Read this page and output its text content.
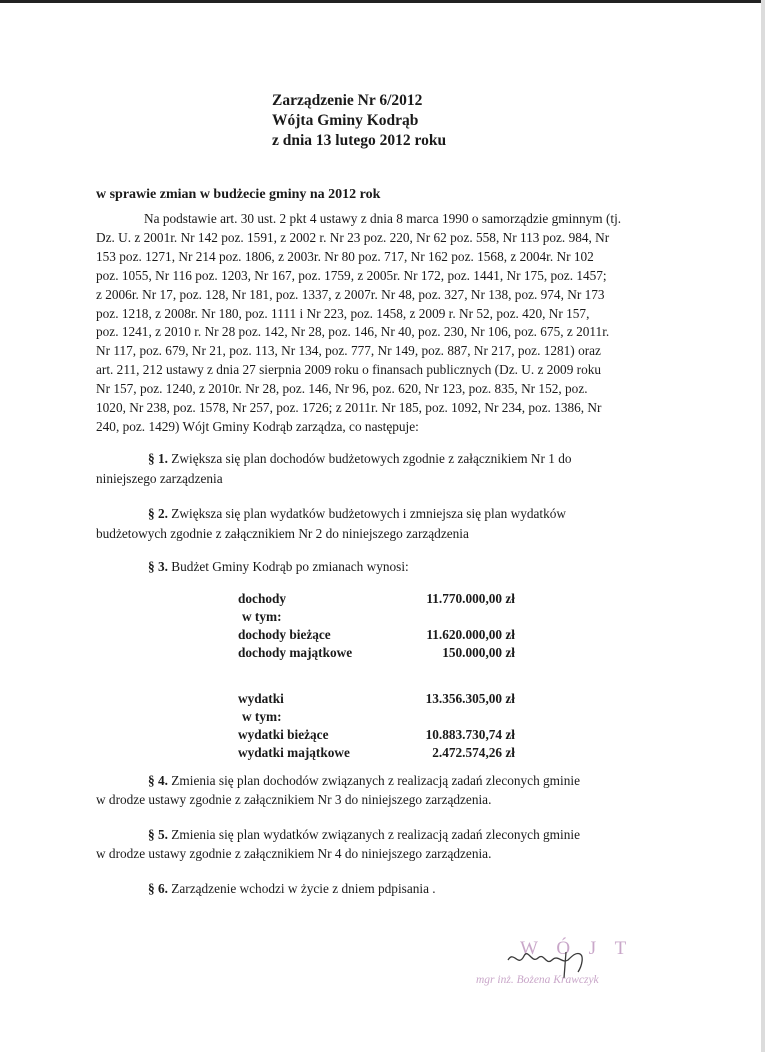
Zarządzenie Nr 6/2012
Wójta Gminy Kodrąb
z dnia 13 lutego 2012 roku
w sprawie zmian w budżecie gminy na 2012 rok
Na podstawie art. 30 ust. 2 pkt 4 ustawy z dnia 8 marca 1990 o samorządzie gminnym (tj.
Dz. U. z 2001r. Nr 142 poz. 1591, z 2002 r. Nr 23 poz. 220, Nr 62 poz. 558, Nr 113 poz. 984, Nr
153 poz. 1271, Nr 214 poz. 1806, z 2003r. Nr 80 poz. 717, Nr 162 poz. 1568, z 2004r. Nr 102
poz. 1055, Nr 116 poz. 1203, Nr 167, poz. 1759, z 2005r. Nr 172, poz. 1441, Nr 175, poz. 1457;
z 2006r. Nr 17, poz. 128, Nr 181, poz. 1337, z 2007r. Nr 48, poz. 327, Nr 138, poz. 974, Nr 173
poz. 1218, z 2008r. Nr 180, poz. 1111 i Nr 223, poz. 1458, z 2009 r. Nr 52, poz. 420, Nr 157,
poz. 1241, z 2010 r. Nr 28 poz. 142, Nr 28, poz. 146, Nr 40, poz. 230, Nr 106, poz. 675, z 2011r.
Nr 117, poz. 679, Nr 21, poz. 113, Nr 134, poz. 777, Nr 149, poz. 887, Nr 217, poz. 1281) oraz
art. 211, 212 ustawy z dnia 27 sierpnia 2009 roku o finansach publicznych (Dz. U. z 2009 roku
Nr 157, poz. 1240, z 2010r. Nr 28, poz. 146, Nr 96, poz. 620, Nr 123, poz. 835, Nr 152, poz.
1020, Nr 238, poz. 1578, Nr 257, poz. 1726; z 2011r. Nr 185, poz. 1092, Nr 234, poz. 1386, Nr
240, poz. 1429) Wójt Gminy Kodrąb zarządza, co następuje:
§ 1. Zwiększa się plan dochodów budżetowych zgodnie z załącznikiem Nr 1 do
niniejszego zarządzenia
§ 2. Zwiększa się plan wydatków budżetowych i zmniejsza się plan wydatków
budżetowych zgodnie z załącznikiem Nr 2 do niniejszego zarządzenia
§ 3. Budżet Gminy Kodrąb po zmianach wynosi:
dochody	11.770.000,00 zł
w tym:
dochody bieżące	11.620.000,00 zł
dochody majątkowe	150.000,00 zł
wydatki	13.356.305,00 zł
w tym:
wydatki bieżące	10.883.730,74 zł
wydatki majątkowe	2.472.574,26 zł
§ 4. Zmienia się plan dochodów związanych z realizacją zadań zleconych gminie
w drodze ustawy zgodnie z załącznikiem Nr 3 do niniejszego zarządzenia.
§ 5. Zmienia się plan wydatków związanych z realizacją zadań zleconych gminie
w drodze ustawy zgodnie z załącznikiem Nr 4 do niniejszego zarządzenia.
§ 6. Zarządzenie wchodzi w życie z dniem pdpisania .
W Ó J T
mgr inż. Bożena Krawczyk
